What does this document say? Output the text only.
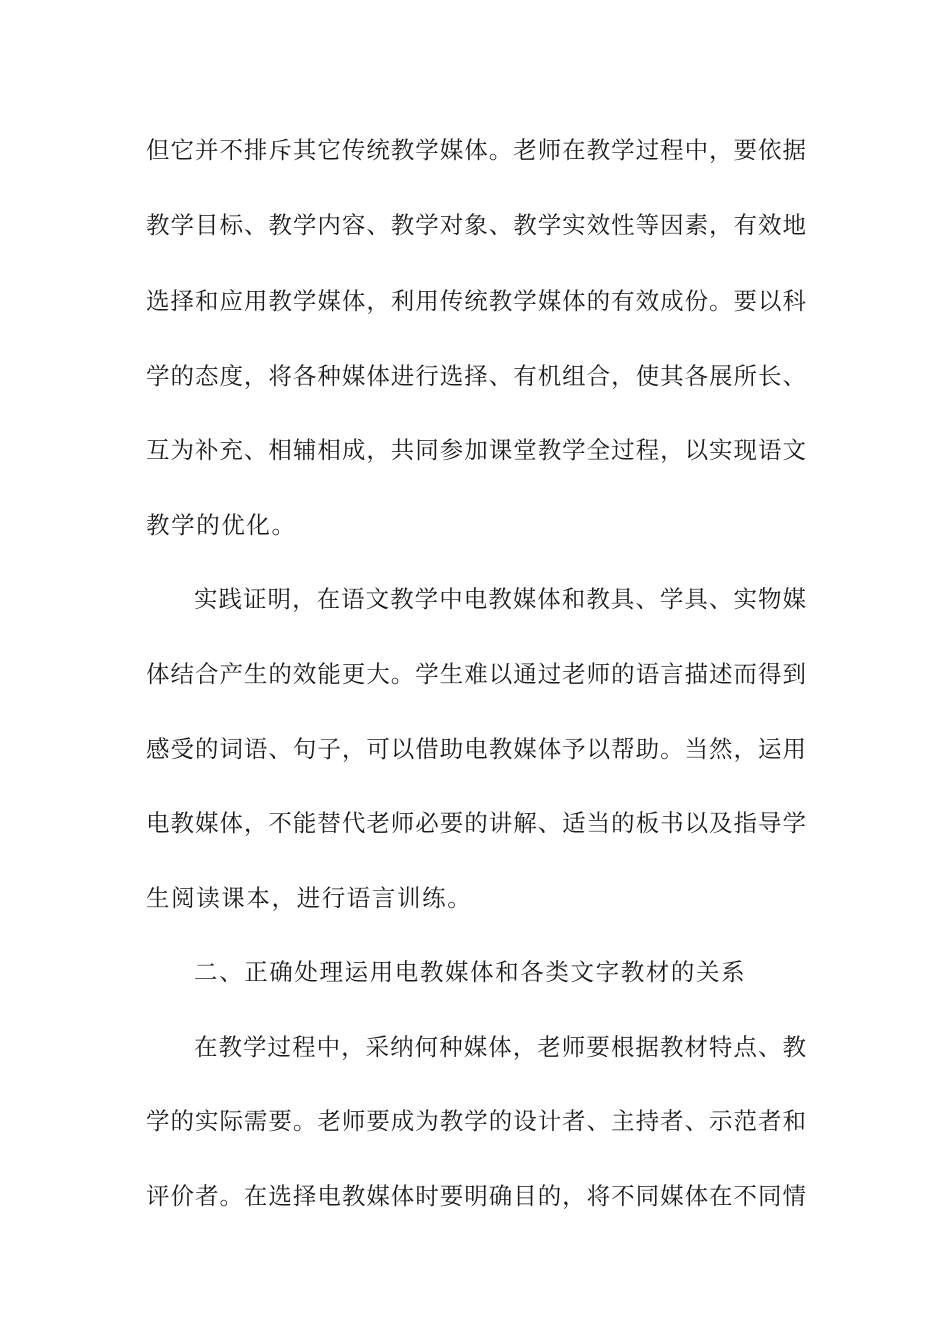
但它并不排斥其它传统教学媒体。老师在教学过程中，要依据
教学目标、教学内容、教学对象、教学实效性等因素，有效地
选择和应用教学媒体，利用传统教学媒体的有效成份。要以科
学的态度，将各种媒体进行选择、有机组合，使其各展所长、
互为补充、相辅相成，共同参加课堂教学全过程，以实现语文
教学的优化。
实践证明，在语文教学中电教媒体和教具、学具、实物媒
体结合产生的效能更大。学生难以通过老师的语言描述而得到
感受的词语、句子，可以借助电教媒体予以帮助。当然，运用
电教媒体，不能替代老师必要的讲解、适当的板书以及指导学
生阅读课本，进行语言训练。
二、正确处理运用电教媒体和各类文字教材的关系
在教学过程中，采纳何种媒体，老师要根据教材特点、教
学的实际需要。老师要成为教学的设计者、主持者、示范者和
评价者。在选择电教媒体时要明确目的，将不同媒体在不同情
